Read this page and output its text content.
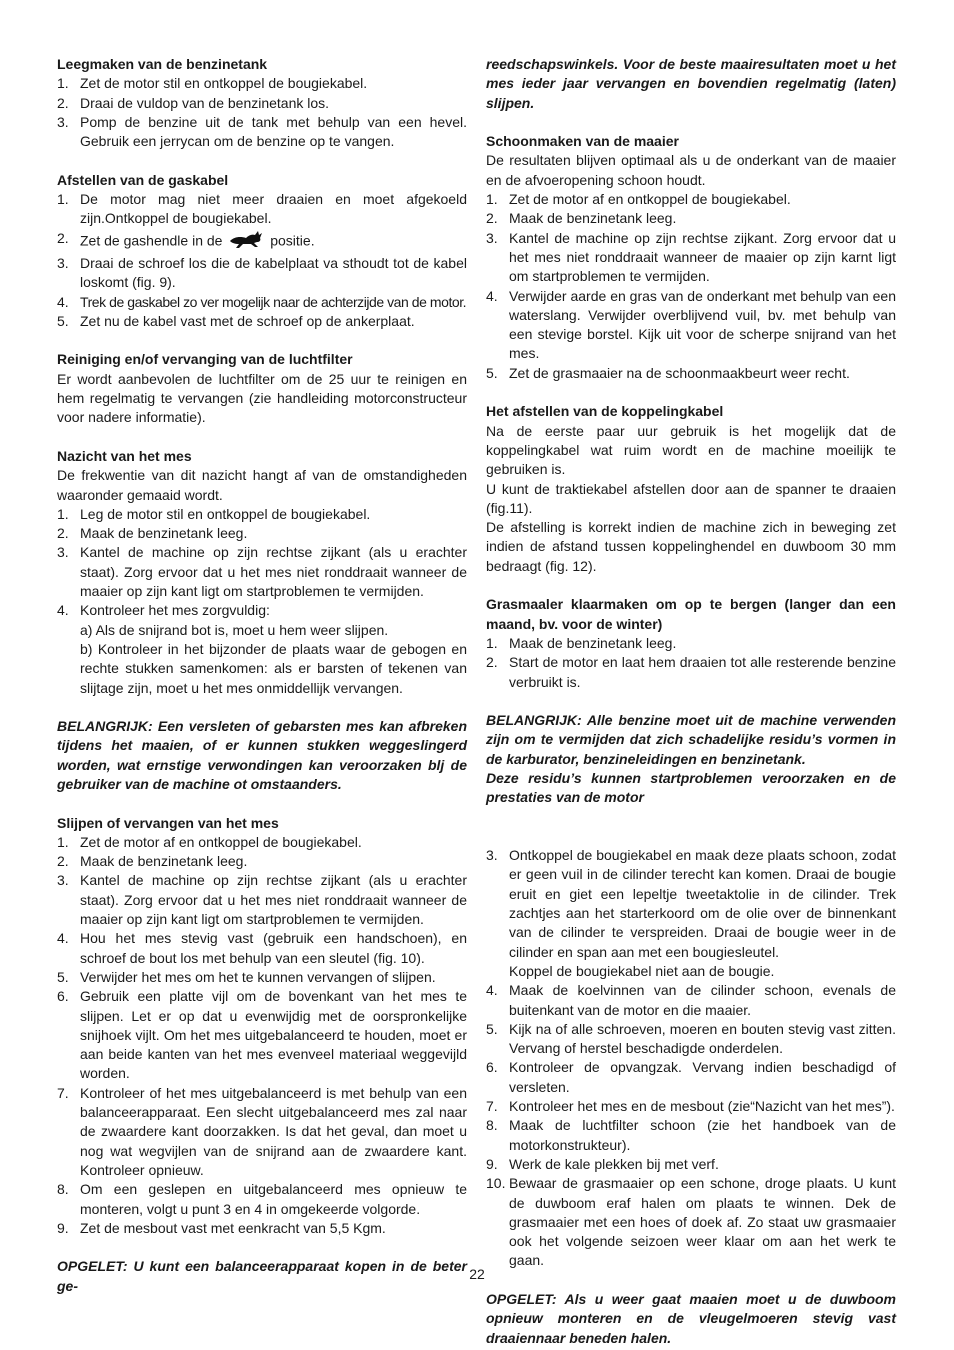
Leegmaken van de benzinetank
1. Zet de motor stil en ontkoppel de bougiekabel.
2. Draai de vuldop van de benzinetank los.
3. Pomp de benzine uit de tank met behulp van een hevel. Gebruik een jerrycan om de benzine op te vangen.
Afstellen van de gaskabel
1. De motor mag niet meer draaien en moet afgekoeld zijn.Ontkoppel de bougiekabel.
2. Zet de gashendle in de	positie.
3. Draai de schroef los die de kabelplaat va sthoudt tot de kabel loskomt (fig. 9).
4. Trek de gaskabel zo ver mogelijk naar de achterzijde van de motor.
5. Zet nu de kabel vast met de schroef op de ankerplaat.
Reiniging en/of vervanging van de luchtfilter

Er wordt aanbevolen de luchtfilter om de 25 uur te reinigen en hem regelmatig te vervangen (zie handleiding motorconstructeur voor nadere informatie).

Nazicht van het mes

De frekwentie van dit nazicht hangt af van de omstandigheden waaronder gemaaid wordt.

1. Leg de motor stil en ontkoppel de bougiekabel.
2. Maak de benzinetank leeg.
3. Kantel de machine op zijn rechtse zijkant (als u erachter staat). Zorg ervoor dat u het mes niet ronddraait wanneer de maaier op zijn kant ligt om startproblemen te vermijden.
4. Kontroleer het mes zorgvuldig:
a) Als de snijrand bot is, moet u hem weer slijpen.
b) Kontroleer in het bijzonder de plaats waar de gebogen en rechte stukken samenkomen: als er barsten of tekenen van slijtage zijn, moet u het mes onmiddellijk vervangen.

BELANGRIJK: Een versleten of gebarsten mes kan afbreken tijdens het maaien, of er kunnen stukken weggeslingerd worden, wat ernstige verwondingen kan veroorzaken blj de gebruiker van de machine ot omstaanders.

Slijpen of vervangen van het mes
1. Zet de motor af en ontkoppel de bougiekabel.
2. Maak de benzinetank leeg.
3. Kantel de machine op zijn rechtse zijkant (als u erachter staat). Zorg ervoor dat u het mes niet ronddraait wanneer de maaier op zijn kant ligt om startproblemen te vermijden.
4. Hou het mes stevig vast (gebruik een handschoen), en schroef de bout los met behulp van een sleutel (fig. 10).
5. Verwijder het mes om het te kunnen vervangen of slijpen.
6. Gebruik een platte vijl om de bovenkant van het mes te slijpen. Let er op dat u evenwijdig met de oorspronkelijke snijhoek vijlt. Om het mes uitgebalanceerd te houden, moet er aan beide kanten van het mes evenveel materiaal weggevijld worden.
7. Kontroleer of het mes uitgebalanceerd is met behulp van een balanceerapparaat. Een slecht uitgebalanceerd mes zal naar de zwaardere kant doorzakken. Is dat het geval, dan moet u nog wat wegvijlen van de snijrand aan de zwaardere kant. Kontroleer opnieuw.
8. Om een geslepen en uitgebalanceerd mes opnieuw te monteren, volgt u punt 3 en 4 in omgekeerde volgorde.
9. Zet de mesbout vast met eenkracht van 5,5 Kgm.

OPGELET: U kunt een balanceerapparaat kopen in de beter ge-

reedschapswinkels. Voor de beste maairesultaten moet u het mes ieder jaar vervangen en bovendien regelmatig (laten) slijpen.

Schoonmaken van de maaier

De resultaten blijven optimaal als u de onderkant van de maaier en de afvoeropening schoon houdt.

1. Zet de motor af en ontkoppel de bougiekabel.
2. Maak de benzinetank leeg.
3. Kantel de machine op zijn rechtse zijkant. Zorg ervoor dat u het mes niet ronddraait wanneer de maaier op zijn karnt ligt om startproblemen te vermijden.
4. Verwijder aarde en gras van de onderkant met behulp van een waterslang. Verwijder overblijvend vuil, bv. met behulp van een stevige borstel. Kijk uit voor de scherpe snijrand van het mes.
5. Zet de grasmaaier na de schoonmaakbeurt weer recht.
Het afstellen van de koppelingkabel

Na de eerste paar uur gebruik is het mogelijk dat de koppelingkabel wat ruim wordt en de machine moeilijk te gebruiken is.

U kunt de traktiekabel afstellen door aan de spanner te draaien (fig.11).

De afstelling is korrekt indien de machine zich in beweging zet indien de afstand tussen koppelinghendel en duwboom 30 mm bedraagt (fig. 12).

Grasmaaler klaarmaken om op te bergen (langer dan een maand, bv. voor de winter)
1. Maak de benzinetank leeg.
2. Start de motor en laat hem draaien tot alle resterende benzine verbruikt is.

BELANGRIJK: Alle benzine moet uit de machine verwenden zijn om te vermijden dat zich schadelijke residu’s vormen in de karburator, benzineleidingen en benzinetank.

Deze residu’s kunnen startproblemen veroorzaken en de prestaties van de motor

3. Ontkoppel de bougiekabel en maak deze plaats schoon, zodat er geen vuil in de cilinder terecht kan komen. Draai de bougie eruit en giet een lepeltje tweetaktolie in de cilinder. Trek zachtjes aan het starterkoord om de olie over de binnenkant van de cilinder te verspreiden. Draai de bougie weer in de cilinder en span aan met een bougiesleutel.
Koppel de bougiekabel niet aan de bougie.
4. Maak de koelvinnen van de cilinder schoon, evenals de buitenkant van de motor en die maaier.
5. Kijk na of alle schroeven, moeren en bouten stevig vast zitten. Vervang of herstel beschadigde onderdelen.
6. Kontroleer de opvangzak. Vervang indien beschadigd of versleten.
7. Kontroleer het mes en de mesbout (zie“Nazicht van het mes”).
8. Maak de luchtfilter schoon (zie het handboek van de motorkonstrukteur).
9. Werk de kale plekken bij met verf.
10. Bewaar de grasmaaier op een schone, droge plaats. U kunt de duwboom eraf halen om plaats te winnen. Dek de grasmaaier met een hoes of doek af. Zo staat uw grasmaaier ook het volgende seizoen weer klaar om aan het werk te gaan.

OPGELET: Als u weer gaat maaien moet u de duwboom opnieuw monteren en de vleugelmoeren stevig vast draaiennaar beneden halen.

22
